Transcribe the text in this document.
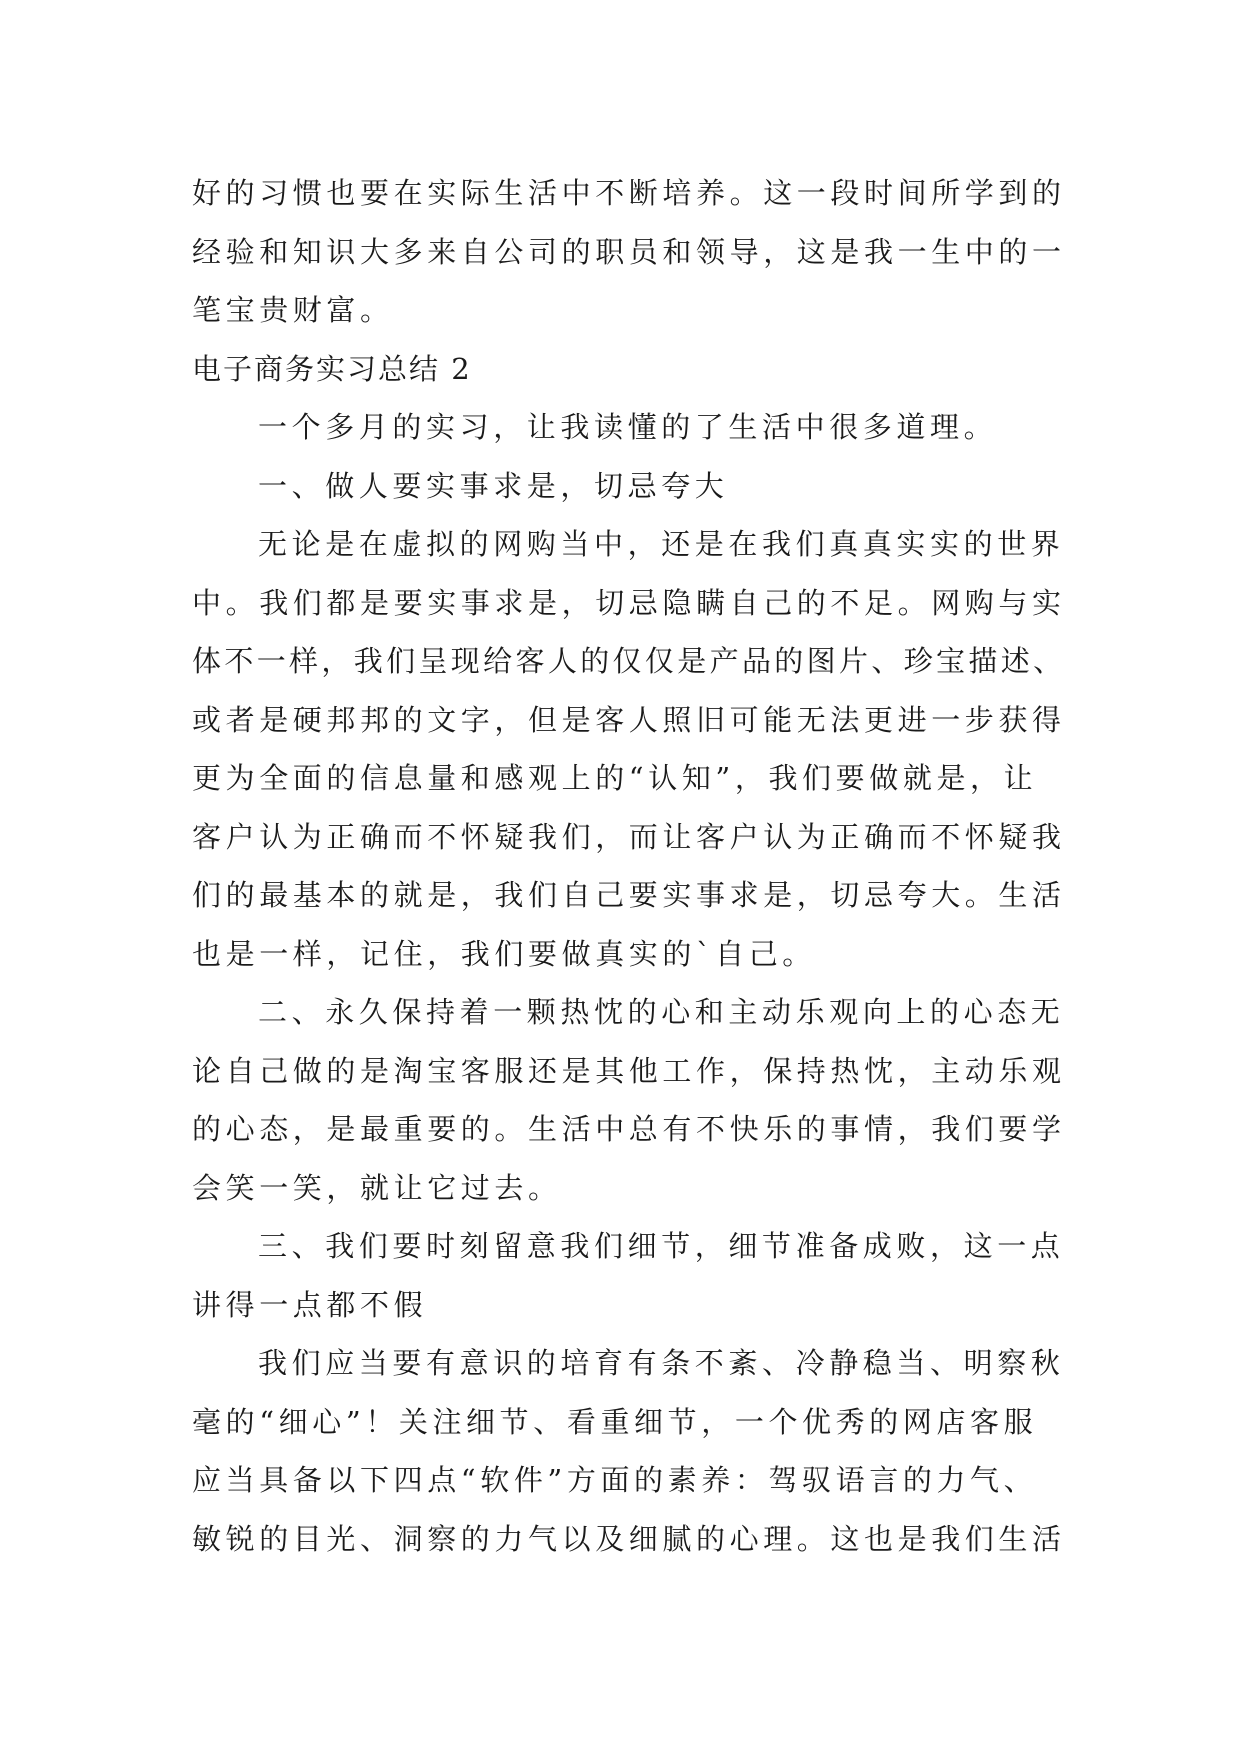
好的习惯也要在实际生活中不断培养。这一段时间所学到的
经验和知识大多来自公司的职员和领导，这是我一生中的一
笔宝贵财富。
电子商务实习总结 2
一个多月的实习，让我读懂的了生活中很多道理。
一、做人要实事求是，切忌夸大
无论是在虚拟的网购当中，还是在我们真真实实的世界
中。我们都是要实事求是，切忌隐瞒自己的不足。网购与实
体不一样，我们呈现给客人的仅仅是产品的图片、珍宝描述、
或者是硬邦邦的文字，但是客人照旧可能无法更进一步获得
更为全面的信息量和感观上的“认知”，我们要做就是，让
客户认为正确而不怀疑我们，而让客户认为正确而不怀疑我
们的最基本的就是，我们自己要实事求是，切忌夸大。生活
也是一样，记住，我们要做真实的`自己。
二、永久保持着一颗热忱的心和主动乐观向上的心态无
论自己做的是淘宝客服还是其他工作，保持热忱，主动乐观
的心态，是最重要的。生活中总有不快乐的事情，我们要学
会笑一笑，就让它过去。
三、我们要时刻留意我们细节，细节准备成败，这一点
讲得一点都不假
我们应当要有意识的培育有条不紊、冷静稳当、明察秋
毫的“细心”！关注细节、看重细节，一个优秀的网店客服
应当具备以下四点“软件”方面的素养：驾驭语言的力气、
敏锐的目光、洞察的力气以及细腻的心理。这也是我们生活
